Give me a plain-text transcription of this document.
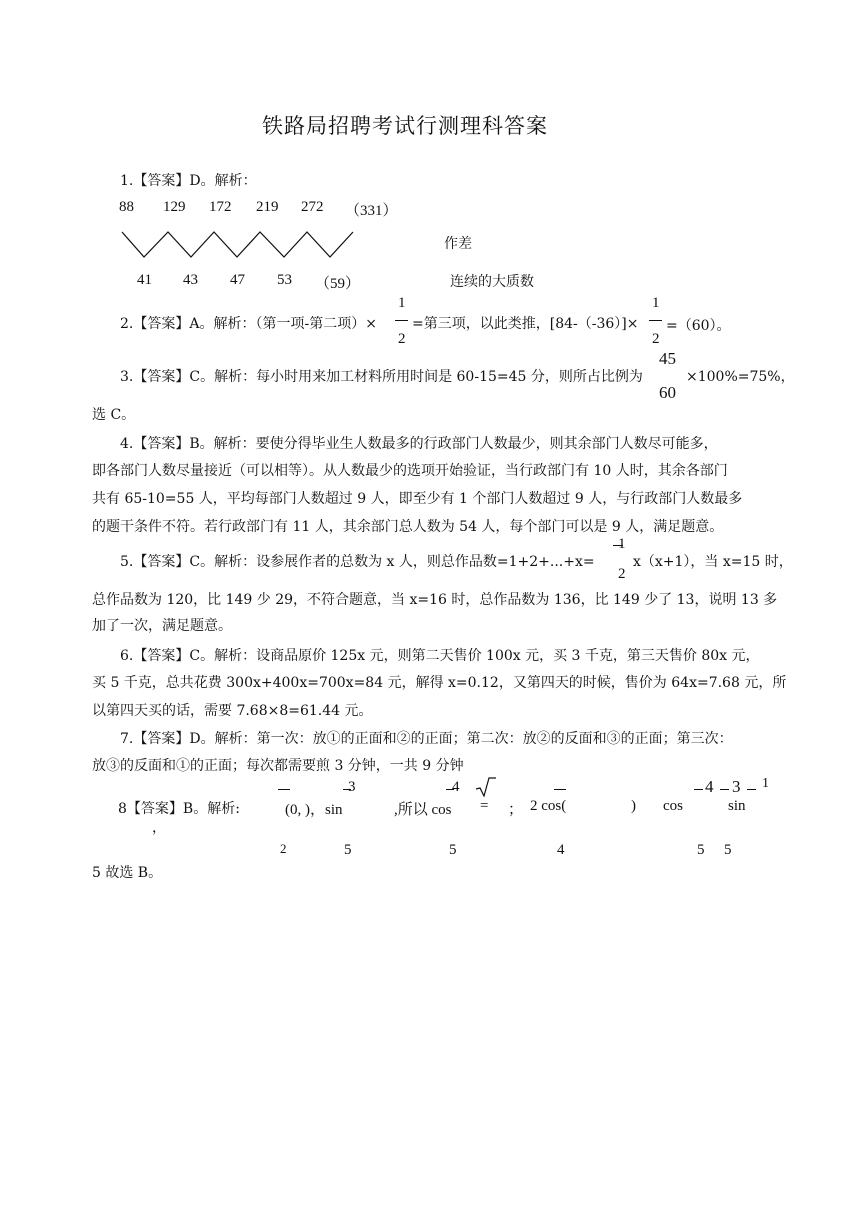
铁路局招聘考试行测理科答案
1.【答案】D。解析：
88 129 172 219 272 （331）
作差
41 43 47 53 （59）	连续的大质数
1
2.【答案】A。解析：（第一项-第二项）×	=第三项，以此类推，[84-（-36）]×
1
=（60）。
2	2
45
3.【答案】C。解析：每小时用来加工材料所用时间是 60-15=45 分，则所占比例为	×100%=75%，
60
选 C。
4.【答案】B。解析：要使分得毕业生人数最多的行政部门人数最少，则其余部门人数尽可能多，
即各部门人数尽量接近（可以相等）。从人数最少的选项开始验证，当行政部门有 10 人时，其余各部门
共有 65-10=55 人，平均每部门人数超过 9 人，即至少有 1 个部门人数超过 9 人，与行政部门人数最多
的题干条件不符。若行政部门有 11 人，其余部门总人数为 54 人，每个部门可以是 9 人，满足题意。
1
5.【答案】C。解析：设参展作者的总数为 x 人，则总作品数=1+2+...+x=	x（x+1），当 x=15 时，
2
总作品数为 120，比 149 少 29，不符合题意，当 x=16 时，总作品数为 136，比 149 少了 13，说明 13 多
加了一次，满足题意。
6.【答案】C。解析：设商品原价 125x 元，则第二天售价 100x 元，买 3 千克，第三天售价 80x 元，
买 5 千克，总共花费 300x+400x=700x=84 元，解得 x=0.12，又第四天的时候，售价为 64x=7.68 元，所
以第四天买的话，需要 7.68×8=61.44 元。
7.【答案】D。解析：第一次：放①的正面和②的正面；第二次：放②的反面和③的正面；第三次：
放③的反面和①的正面；每次都需要煎 3 分钟，一共 9 分钟
3	4	4 3 1
8【答案】B。解析:	(0, )，sin	,所以 cos = ； 2 cos(	) cos	sin
，
2	5	5	4	5 5
5 故选 B。
